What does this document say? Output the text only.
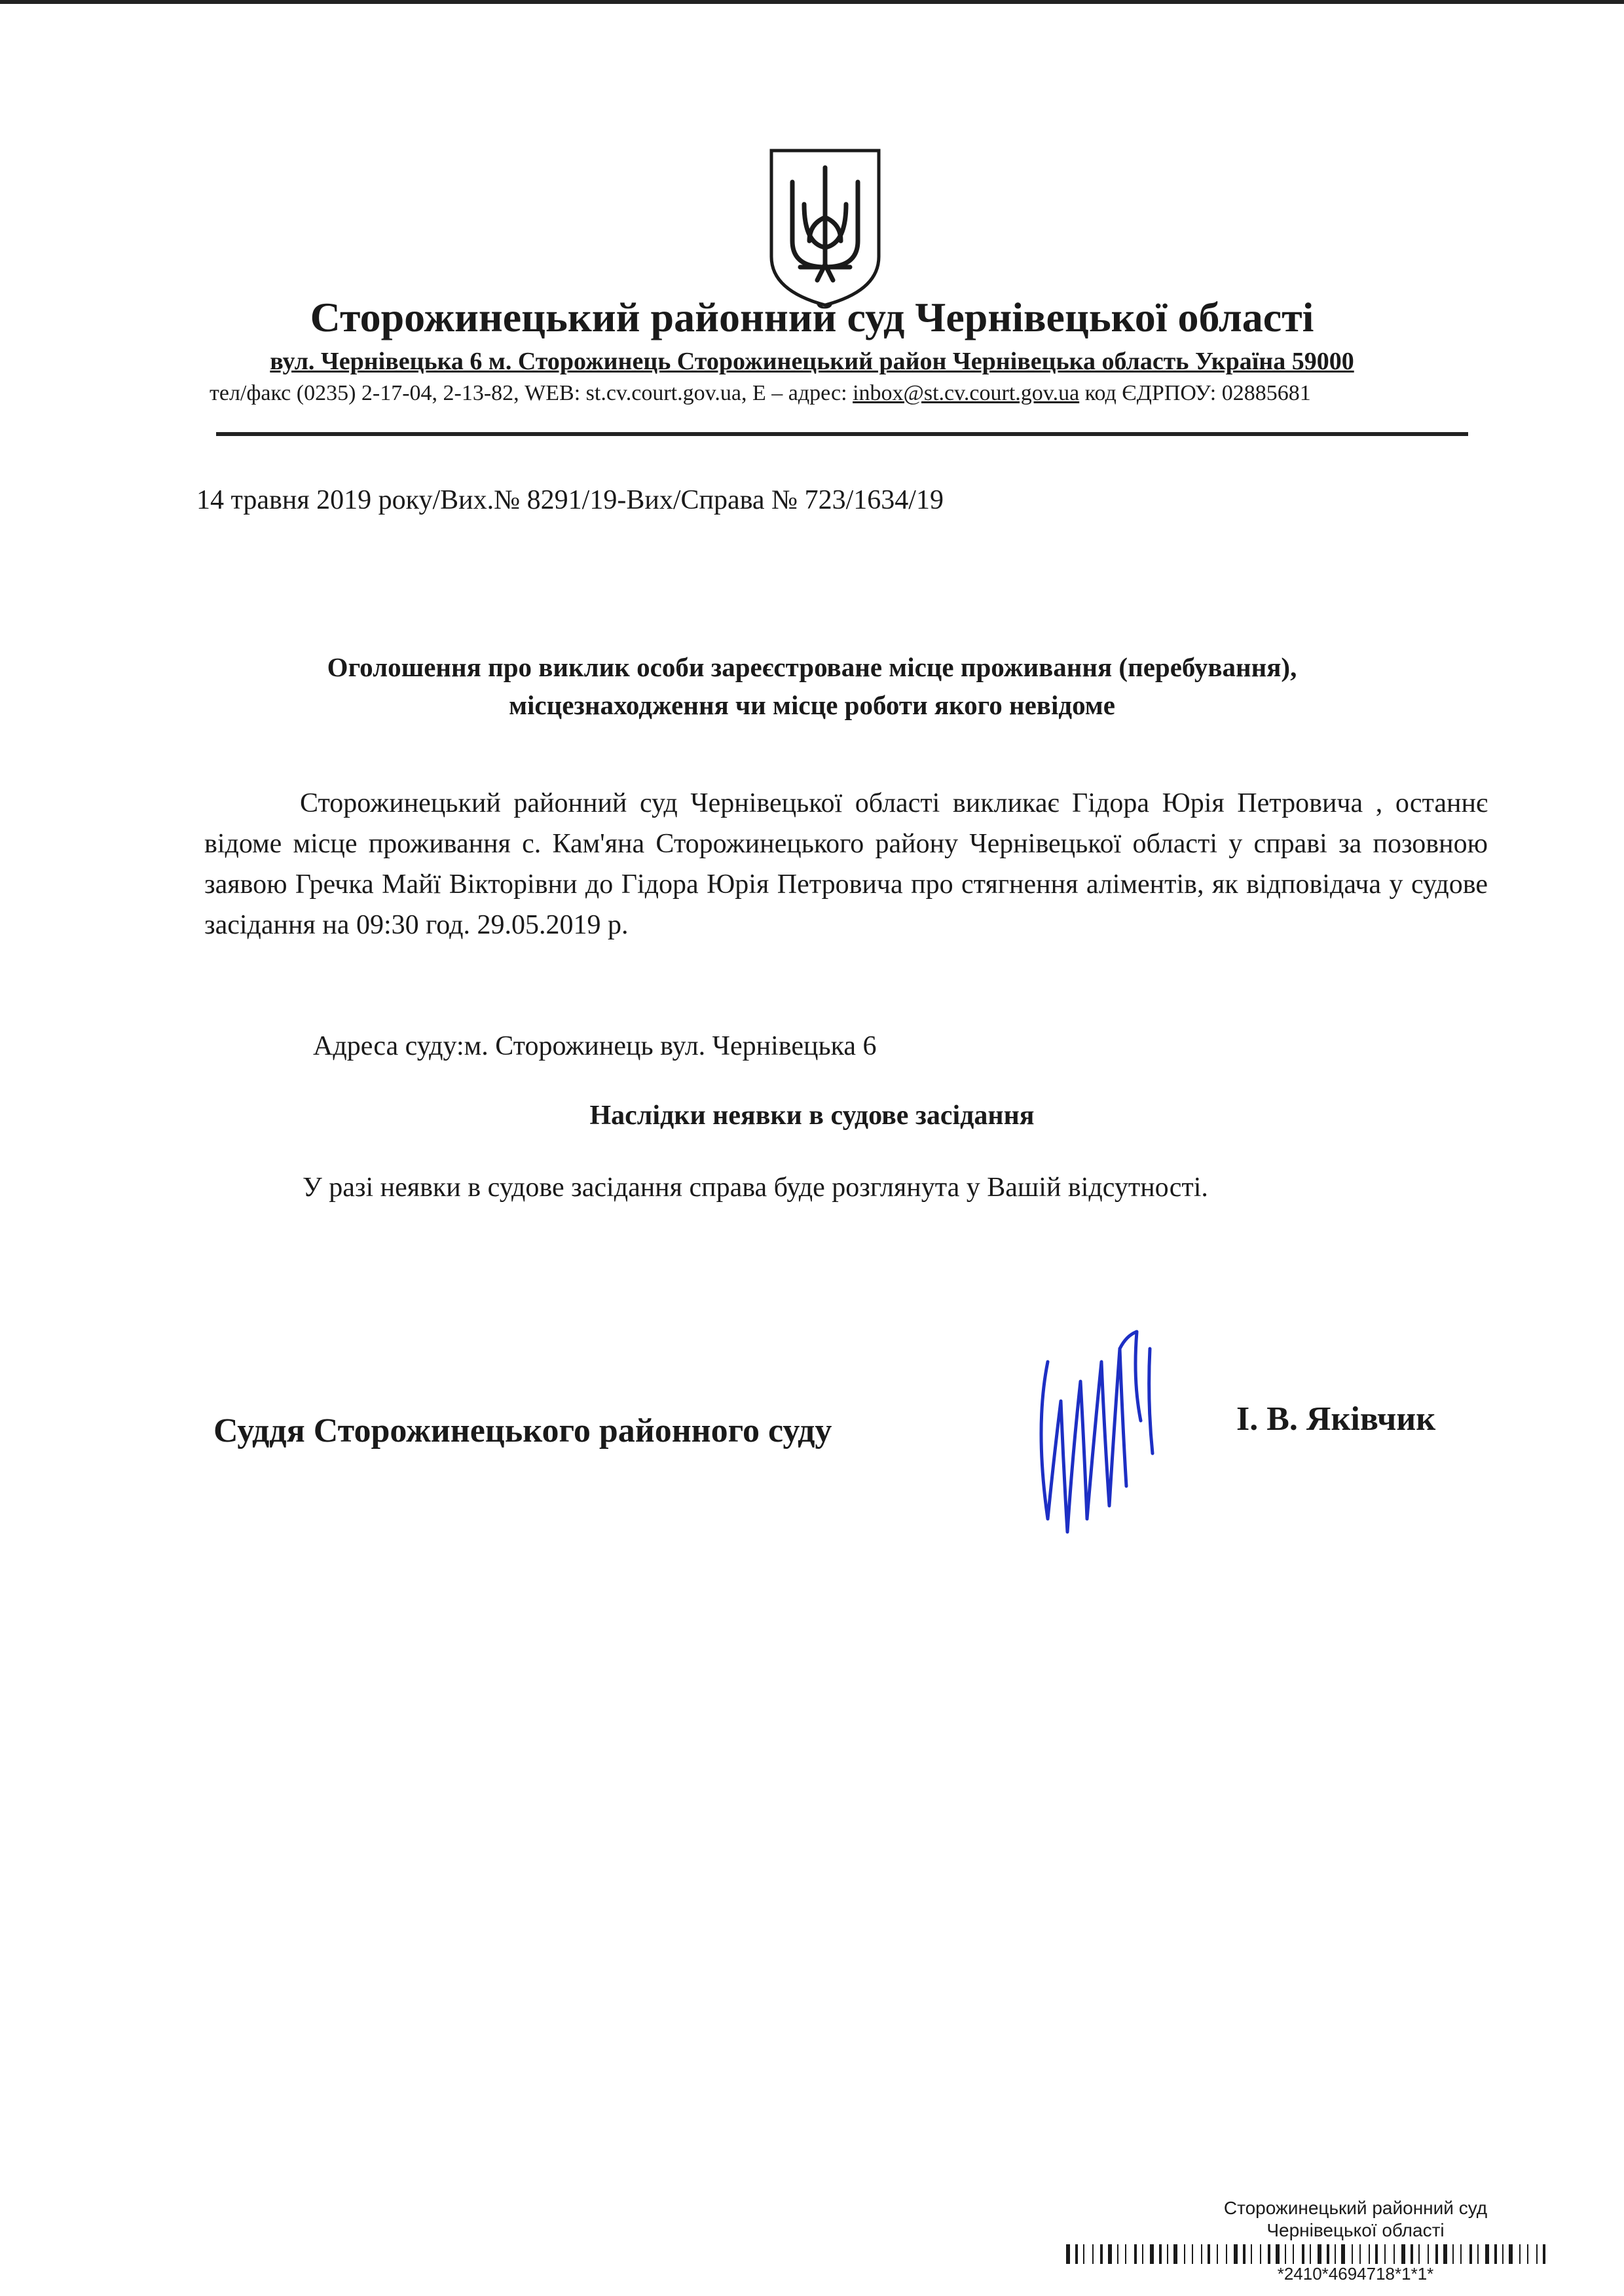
Сторожинецький районний суд Чернівецької області
вул. Чернівецька 6 м. Сторожинець Сторожинецький район Чернівецька область Україна 59000
тел/факс (0235) 2-17-04, 2-13-82, WEB: st.cv.court.gov.ua, E – адрес: inbox@st.cv.court.gov.ua код ЄДРПОУ: 02885681
14 травня 2019 року/Вих.№ 8291/19-Вих/Справа № 723/1634/19
Оголошення про виклик особи зареєстроване місце проживання (перебування),
місцезнаходження чи місце роботи якого невідоме

Сторожинецький районний суд Чернівецької області викликає Гідора Юрія Петровича , останнє відоме місце проживання с. Кам'яна Сторожинецького району Чернівецької області у справі за позовною заявою Гречка Майї Вікторівни до Гідора Юрія Петровича про стягнення аліментів, як відповідача у судове засідання на 09:30 год. 29.05.2019 р.

Адреса суду:м. Сторожинець вул. Чернівецька 6
Наслідки неявки в судове засідання
У разі неявки в судове засідання справа буде розглянута у Вашій відсутності.
Суддя Сторожинецького районного суду	І. В. Яківчик
Сторожинецький районний суд
Чернівецької області
*2410*4694718*1*1*
